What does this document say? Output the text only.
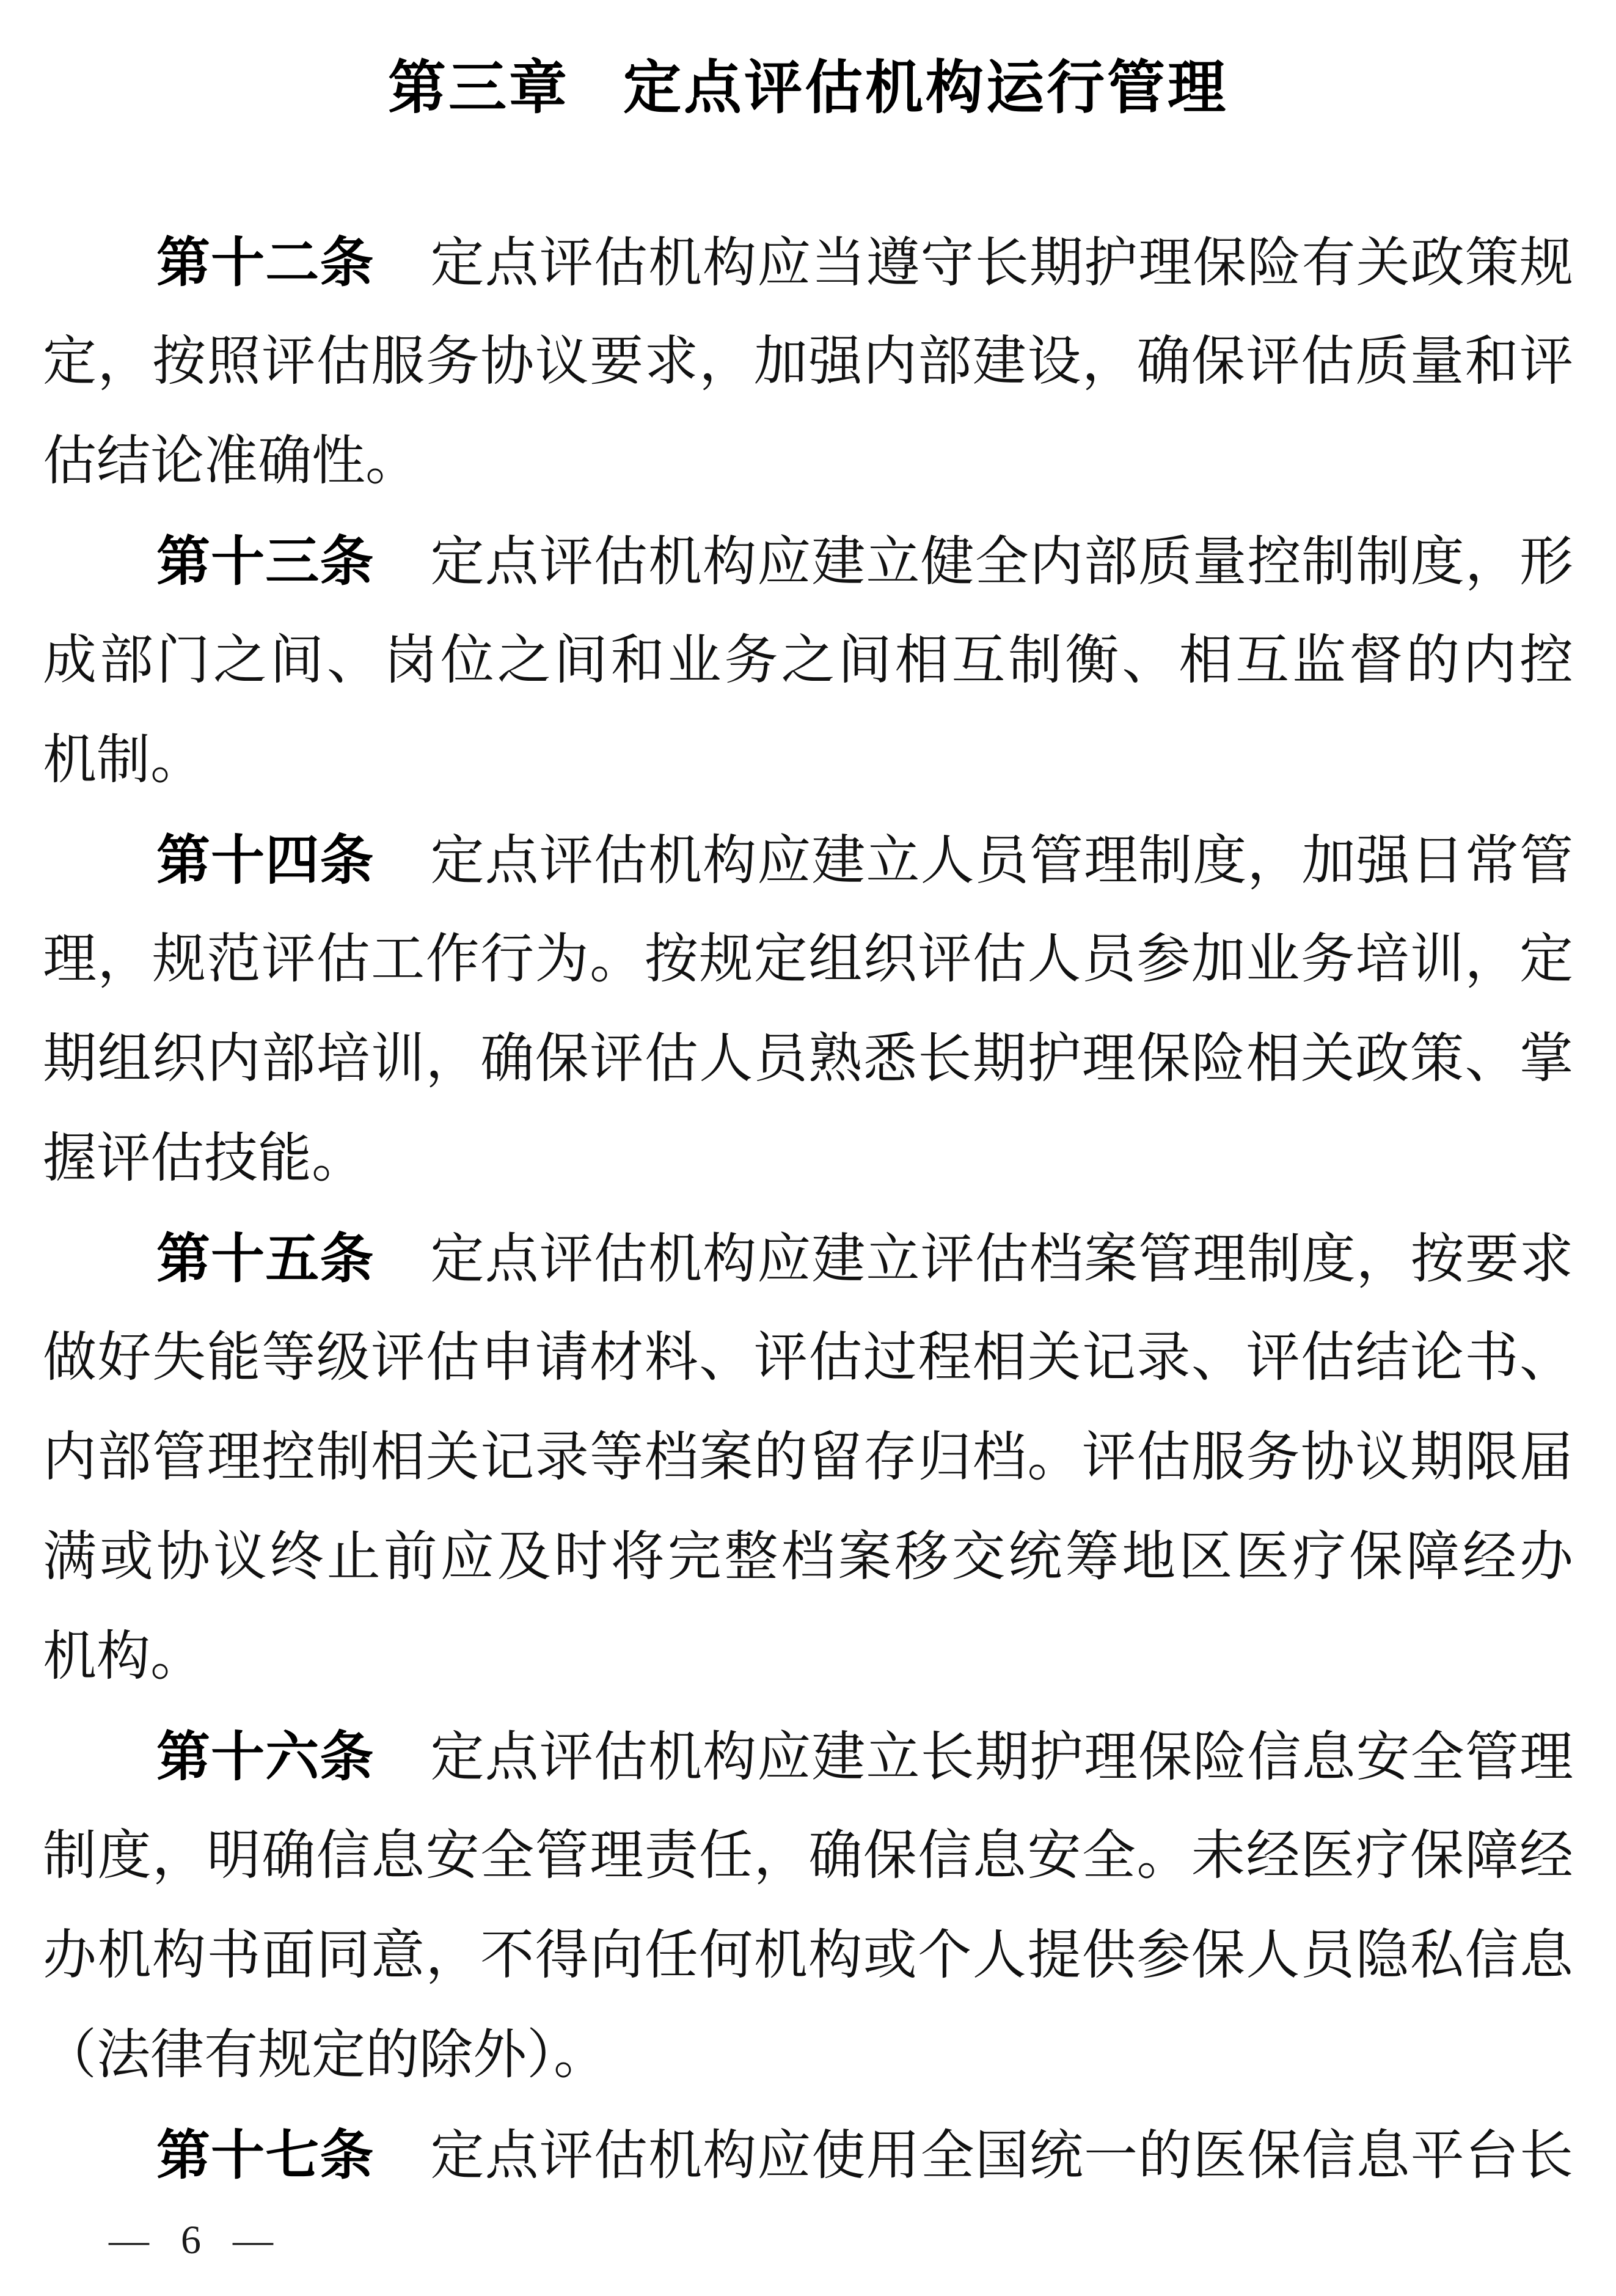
第三章 定点评估机构运行管理
第十二条 定点评估机构应当遵守长期护理保险有关政策规
定，按照评估服务协议要求，加强内部建设，确保评估质量和评
估结论准确性。
第十三条 定点评估机构应建立健全内部质量控制制度，形
成部门之间、岗位之间和业务之间相互制衡、相互监督的内控
机制。
第十四条 定点评估机构应建立人员管理制度，加强日常管
理，规范评估工作行为。按规定组织评估人员参加业务培训，定
期组织内部培训，确保评估人员熟悉长期护理保险相关政策、掌
握评估技能。
第十五条 定点评估机构应建立评估档案管理制度，按要求
做好失能等级评估申请材料、评估过程相关记录、评估结论书、
内部管理控制相关记录等档案的留存归档。评估服务协议期限届
满或协议终止前应及时将完整档案移交统筹地区医疗保障经办
机构。
第十六条 定点评估机构应建立长期护理保险信息安全管理
制度，明确信息安全管理责任，确保信息安全。未经医疗保障经
办机构书面同意，不得向任何机构或个人提供参保人员隐私信息
（法律有规定的除外）。
第十七条 定点评估机构应使用全国统一的医保信息平台长
— 6 —
